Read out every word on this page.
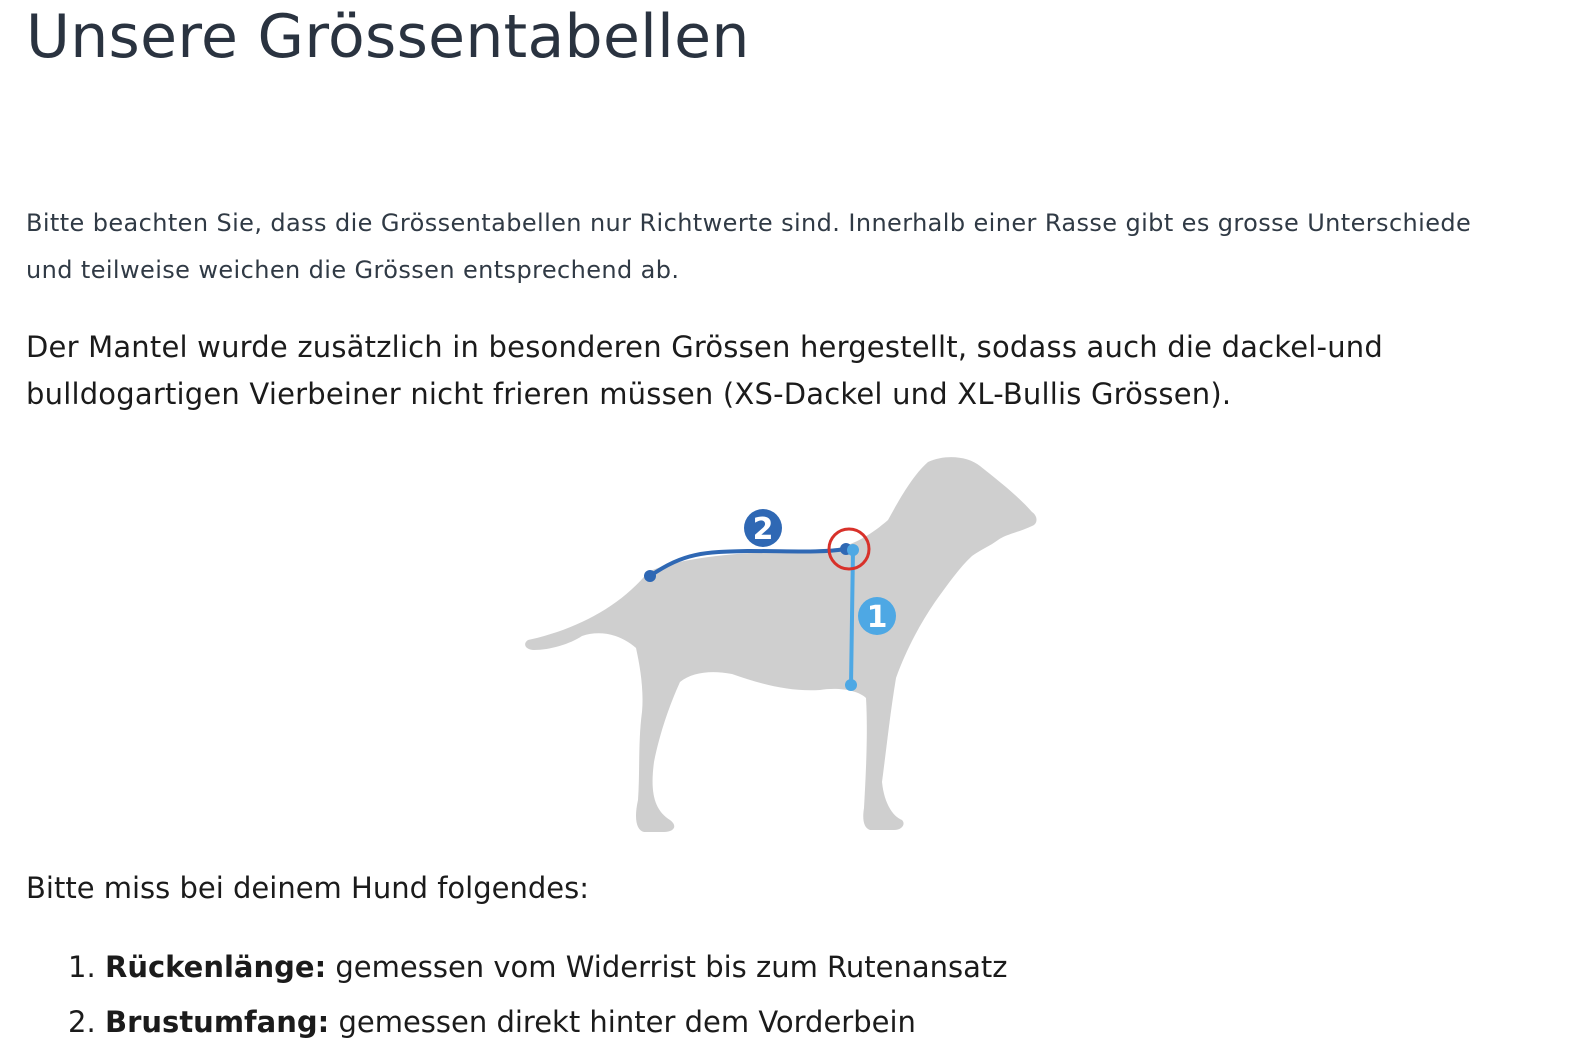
Unsere Grössentabellen

Bitte beachten Sie, dass die Grössentabellen nur Richtwerte sind. Innerhalb einer Rasse gibt es grosse Unterschiede
und teilweise weichen die Grössen entsprechend ab.

Der Mantel wurde zusätzlich in besonderen Grössen hergestellt, sodass auch die dackel-und
bulldogartigen Vierbeiner nicht frieren müssen (XS-Dackel und XL-Bullis Grössen).

2
1

Bitte miss bei deinem Hund folgendes:

1. Rückenlänge: gemessen vom Widerrist bis zum Rutenansatz
2. Brustumfang: gemessen direkt hinter dem Vorderbein
